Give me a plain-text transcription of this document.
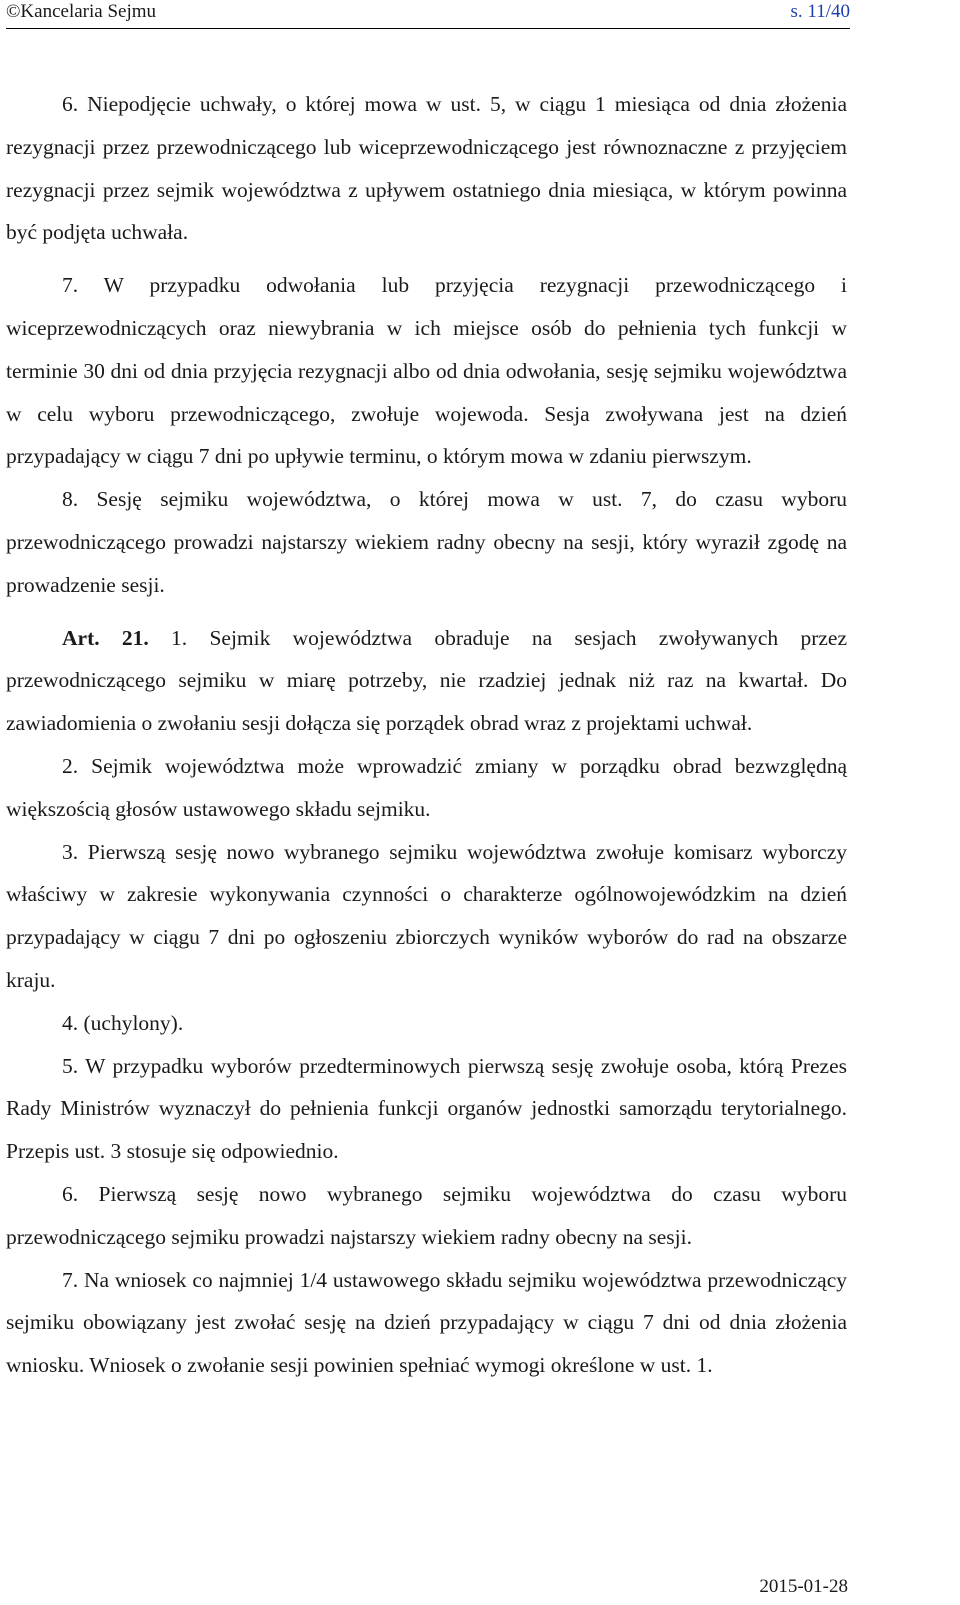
©Kancelaria Sejmu	s. 11/40

6. Niepodjęcie uchwały, o której mowa w ust. 5, w ciągu 1 miesiąca od dnia złożenia rezygnacji przez przewodniczącego lub wiceprzewodniczącego jest równoznaczne z przyjęciem rezygnacji przez sejmik województwa z upływem ostatniego dnia miesiąca, w którym powinna być podjęta uchwała.

7. W przypadku odwołania lub przyjęcia rezygnacji przewodniczącego i wiceprzewodniczących oraz niewybrania w ich miejsce osób do pełnienia tych funkcji w terminie 30 dni od dnia przyjęcia rezygnacji albo od dnia odwołania, sesję sejmiku województwa w celu wyboru przewodniczącego, zwołuje wojewoda. Sesja zwoływana jest na dzień przypadający w ciągu 7 dni po upływie terminu, o którym mowa w zdaniu pierwszym.

8. Sesję sejmiku województwa, o której mowa w ust. 7, do czasu wyboru przewodniczącego prowadzi najstarszy wiekiem radny obecny na sesji, który wyraził zgodę na prowadzenie sesji.

Art. 21. 1. Sejmik województwa obraduje na sesjach zwoływanych przez przewodniczącego sejmiku w miarę potrzeby, nie rzadziej jednak niż raz na kwartał. Do zawiadomienia o zwołaniu sesji dołącza się porządek obrad wraz z projektami uchwał.

2. Sejmik województwa może wprowadzić zmiany w porządku obrad bezwzględną większością głosów ustawowego składu sejmiku.

3. Pierwszą sesję nowo wybranego sejmiku województwa zwołuje komisarz wyborczy właściwy w zakresie wykonywania czynności o charakterze ogólnowojewódzkim na dzień przypadający w ciągu 7 dni po ogłoszeniu zbiorczych wyników wyborów do rad na obszarze kraju.

4. (uchylony).

5. W przypadku wyborów przedterminowych pierwszą sesję zwołuje osoba, którą Prezes Rady Ministrów wyznaczył do pełnienia funkcji organów jednostki samorządu terytorialnego. Przepis ust. 3 stosuje się odpowiednio.

6. Pierwszą sesję nowo wybranego sejmiku województwa do czasu wyboru przewodniczącego sejmiku prowadzi najstarszy wiekiem radny obecny na sesji.

7. Na wniosek co najmniej 1/4 ustawowego składu sejmiku województwa przewodniczący sejmiku obowiązany jest zwołać sesję na dzień przypadający w ciągu 7 dni od dnia złożenia wniosku. Wniosek o zwołanie sesji powinien spełniać wymogi określone w ust. 1.

2015-01-28
